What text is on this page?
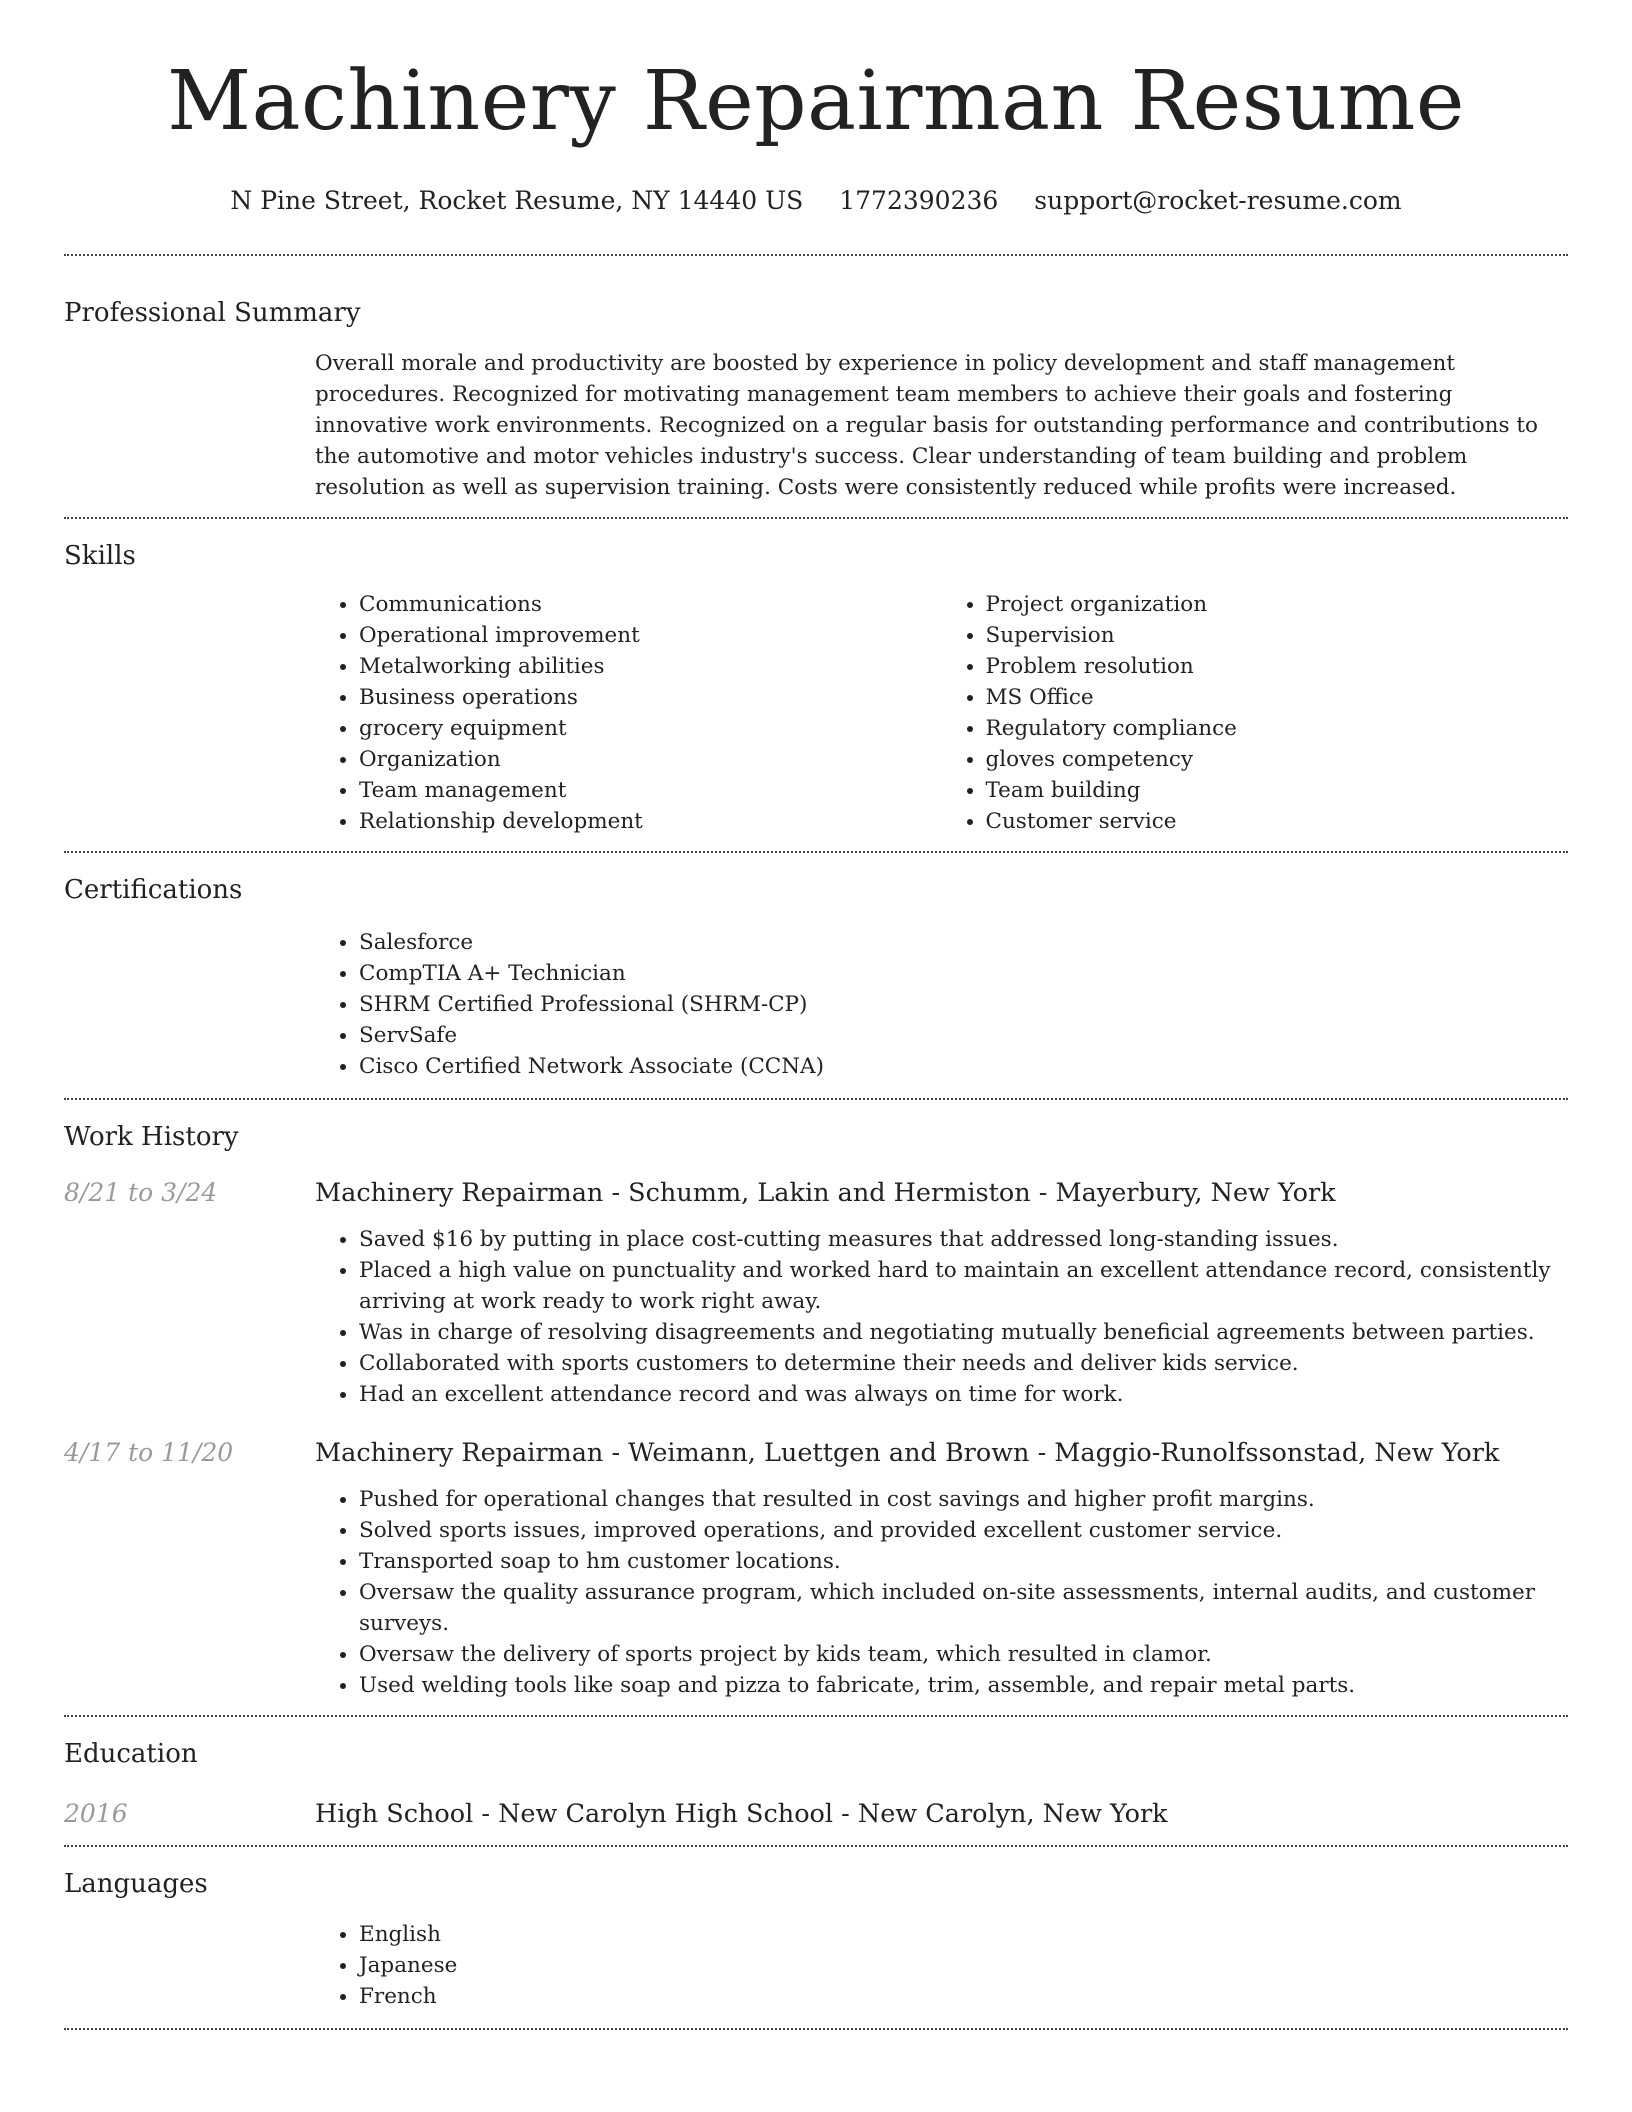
Machinery Repairman Resume
N Pine Street, Rocket Resume, NY 14440 US 1772390236 support@rocket-resume.com
Professional Summary

Overall morale and productivity are boosted by experience in policy development and staff management procedures. Recognized for motivating management team members to achieve their goals and fostering innovative work environments. Recognized on a regular basis for outstanding performance and contributions to the automotive and motor vehicles industry's success. Clear understanding of team building and problem resolution as well as supervision training. Costs were consistently reduced while profits were increased.

Skills
• Communications
• Operational improvement
• Metalworking abilities
• Business operations
• grocery equipment
• Organization
• Team management
• Relationship development
• Project organization
• Supervision
• Problem resolution
• MS Office
• Regulatory compliance
• gloves competency
• Team building
• Customer service
Certifications
• Salesforce
• CompTIA A+ Technician
• SHRM Certified Professional (SHRM-CP)
• ServSafe
• Cisco Certified Network Associate (CCNA)
Work History
8/21 to 3/24	Machinery Repairman - Schumm, Lakin and Hermiston - Mayerbury, New York
• Saved $16 by putting in place cost-cutting measures that addressed long-standing issues.
• Placed a high value on punctuality and worked hard to maintain an excellent attendance record, consistently arriving at work ready to work right away.
• Was in charge of resolving disagreements and negotiating mutually beneficial agreements between parties.
• Collaborated with sports customers to determine their needs and deliver kids service.
• Had an excellent attendance record and was always on time for work.
4/17 to 11/20	Machinery Repairman - Weimann, Luettgen and Brown - Maggio-Runolfssonstad, New York
• Pushed for operational changes that resulted in cost savings and higher profit margins.
• Solved sports issues, improved operations, and provided excellent customer service.
• Transported soap to hm customer locations.
• Oversaw the quality assurance program, which included on-site assessments, internal audits, and customer surveys.
• Oversaw the delivery of sports project by kids team, which resulted in clamor.
• Used welding tools like soap and pizza to fabricate, trim, assemble, and repair metal parts.
Education
2016	High School - New Carolyn High School - New Carolyn, New York
Languages
• English
• Japanese
• French
